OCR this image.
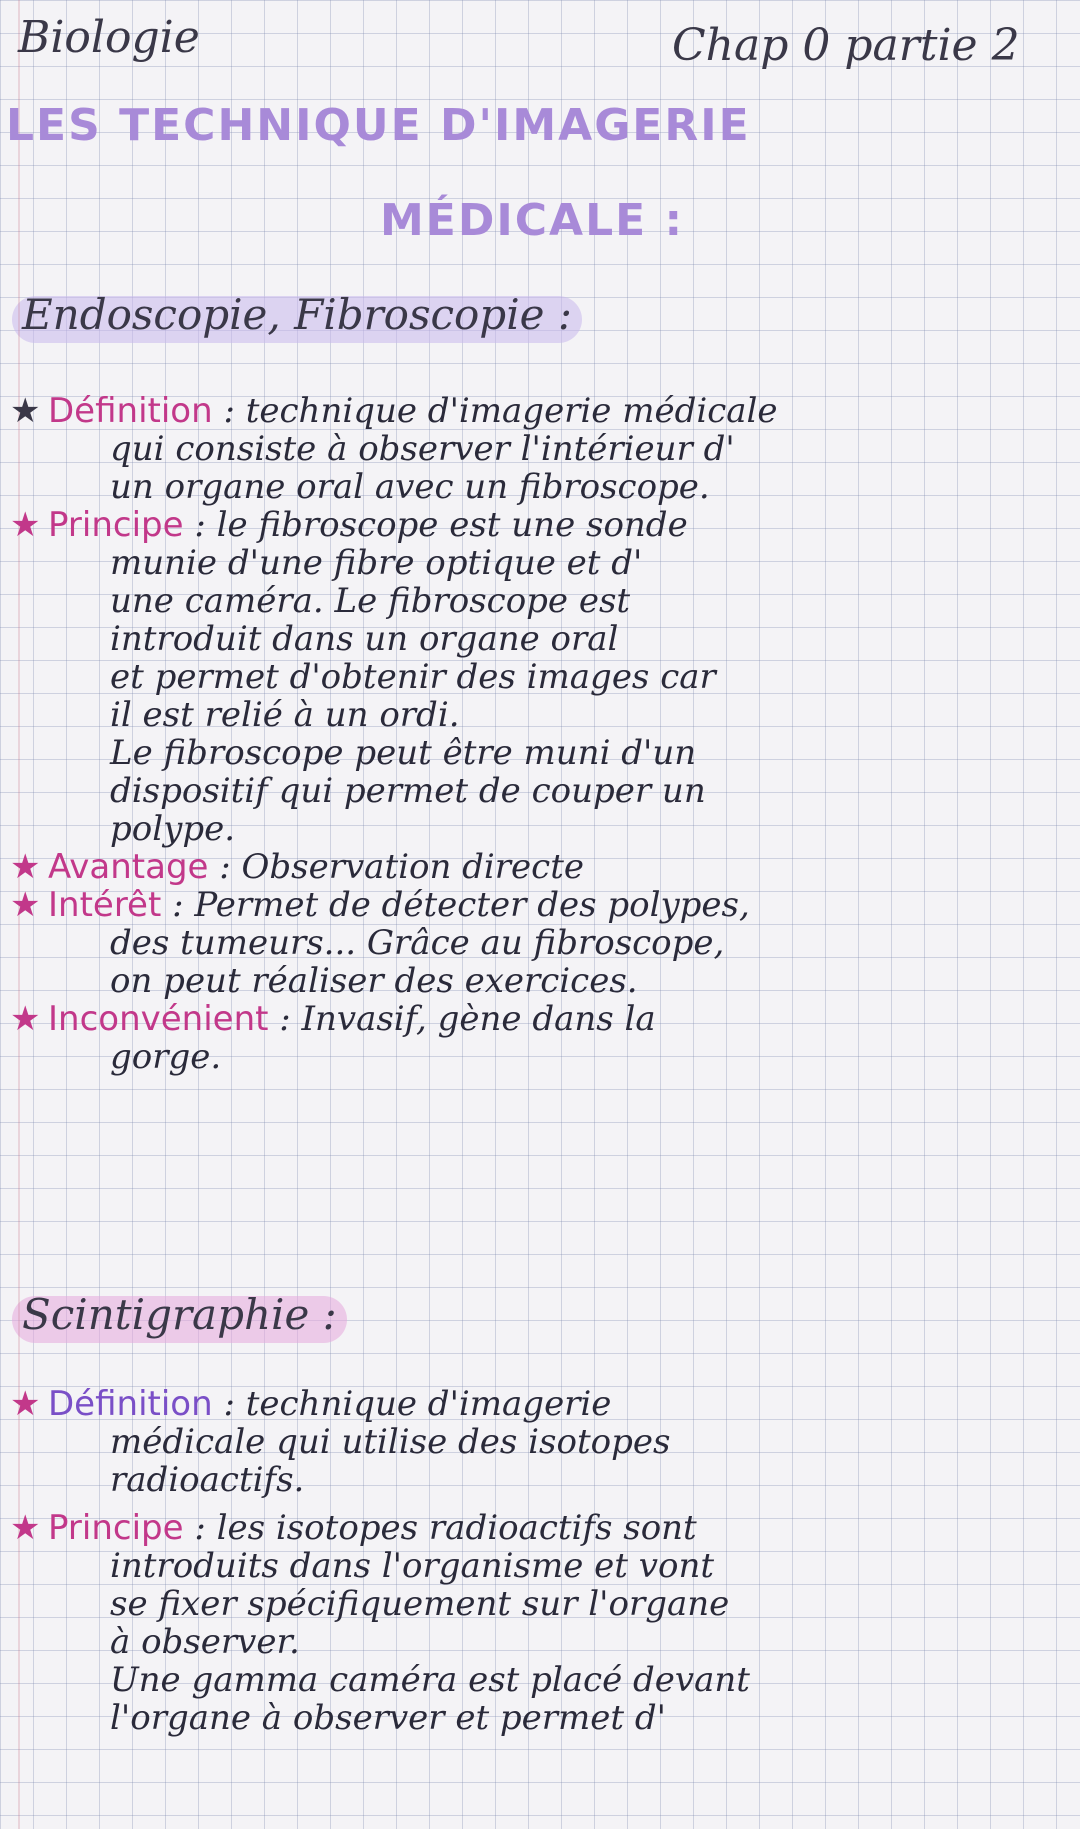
Biologie	Chap 0 partie 2
LES TECHNIQUE D'IMAGERIE
MÉDICALE :
Endoscopie, Fibroscopie :
★ Définition : technique d'imagerie médicale
qui consiste à observer l'intérieur d'
un organe oral avec un fibroscope.
★ Principe : le fibroscope est une sonde
munie d'une fibre optique et d'
une caméra. Le fibroscope est
introduit dans un organe oral
et permet d'obtenir des images car
il est relié à un ordi.
Le fibroscope peut être muni d'un
dispositif qui permet de couper un
polype.
★ Avantage : Observation directe
★ Intérêt : Permet de détecter des polypes,
des tumeurs... Grâce au fibroscope,
on peut réaliser des exercices.
★ Inconvénient : Invasif, gène dans la
gorge.
Scintigraphie :
★ Définition : technique d'imagerie
médicale qui utilise des isotopes
radioactifs.
★ Principe : les isotopes radioactifs sont
introduits dans l'organisme et vont
se fixer spécifiquement sur l'organe
à observer.
Une gamma caméra est placé devant
l'organe à observer et permet d'
